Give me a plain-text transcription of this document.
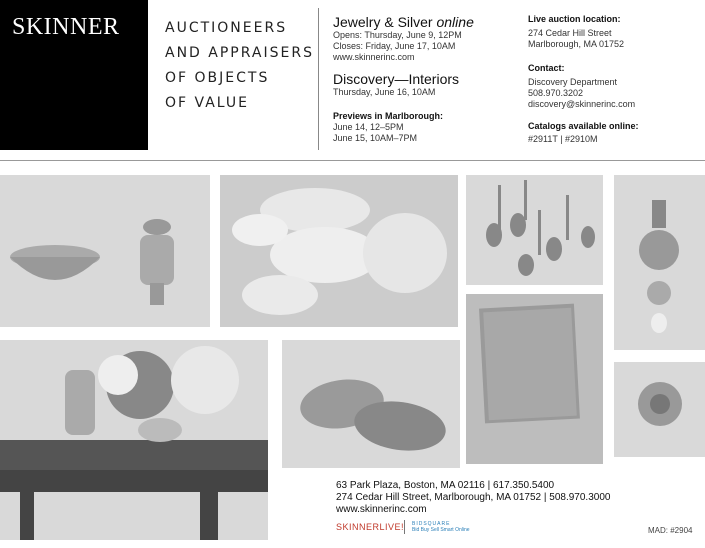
SKINNER	AUCTIONEERS
AND APPRAISERS
OF OBJECTS
OF VALUE
Jewelry & Silver online
Opens: Thursday, June 9, 12PM
Closes: Friday, June 17, 10AM
www.skinnerinc.com
Discovery—Interiors
Thursday, June 16, 10AM
Previews in Marlborough:
June 14, 12–5PM
June 15, 10AM–7PM
Live auction location:
274 Cedar Hill Street
Marlborough, MA 01752
Contact:
Discovery Department
508.970.3202
discovery@skinnerinc.com
Catalogs available online:
#2911T | #2910M
63 Park Plaza, Boston, MA 02116 | 617.350.5400
274 Cedar Hill Street, Marlborough, MA 01752 | 508.970.3000
www.skinnerinc.com
SKINNERLIVE! BIDSQUARE
Bid Buy Sell Smart Online	MAD: #2904
